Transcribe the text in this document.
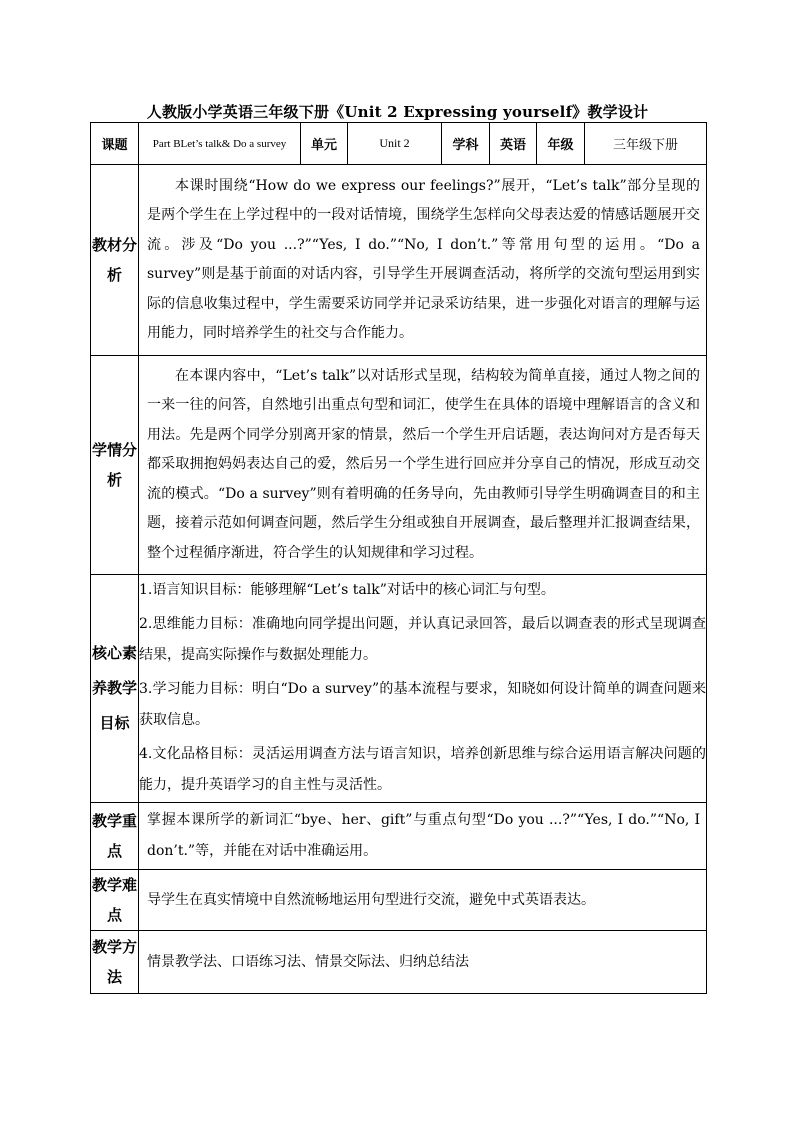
人教版小学英语三年级下册《Unit 2 Expressing yourself》教学设计
课题	Part BLet’s talk& Do a survey	单元	Unit 2	学科	英语	年级	三年级下册
教材分析	本课时围绕“How do we express our feelings?”展开，“Let’s talk”部分呈现的是两个学生在上学过程中的一段对话情境，围绕学生怎样向父母表达爱的情感话题展开交流。涉及“Do you ...?”“Yes, I do.”“No, I don’t.”等常用句型的运用。“Do a survey”则是基于前面的对话内容，引导学生开展调查活动，将所学的交流句型运用到实际的信息收集过程中，学生需要采访同学并记录采访结果，进一步强化对语言的理解与运用能力，同时培养学生的社交与合作能力。						

学情分析	在本课内容中，“Let’s talk”以对话形式呈现，结构较为简单直接，通过人物之间的一来一往的问答，自然地引出重点句型和词汇，使学生在具体的语境中理解语言的含义和用法。先是两个同学分别离开家的情景，然后一个学生开启话题，表达询问对方是否每天都采取拥抱妈妈表达自己的爱，然后另一个学生进行回应并分享自己的情况，形成互动交流的模式。“Do a survey”则有着明确的任务导向，先由教师引导学生明确调查目的和主题，接着示范如何调查问题，然后学生分组或独自开展调查，最后整理并汇报调查结果，整个过程循序渐进，符合学生的认知规律和学习过程。						

核心素养教学目标	1.语言知识目标：能够理解“Let’s talk”对话中的核心词汇与句型。

2.思维能力目标：准确地向同学提出问题，并认真记录回答，最后以调查表的形式呈现调查结果，提高实际操作与数据处理能力。

3.学习能力目标：明白“Do a survey”的基本流程与要求，知晓如何设计简单的调查问题来获取信息。

4.文化品格目标：灵活运用调查方法与语言知识，培养创新思维与综合运用语言解决问题的能力，提升英语学习的自主性与灵活性。						

教学重点	掌握本课所学的新词汇“bye、her、gift”与重点句型“Do you ...?”“Yes, I do.”“No, I don’t.”等，并能在对话中准确运用。						

教学难点	导学生在真实情境中自然流畅地运用句型进行交流，避免中式英语表达。						

教学方法	情景教学法、口语练习法、情景交际法、归纳总结法						
